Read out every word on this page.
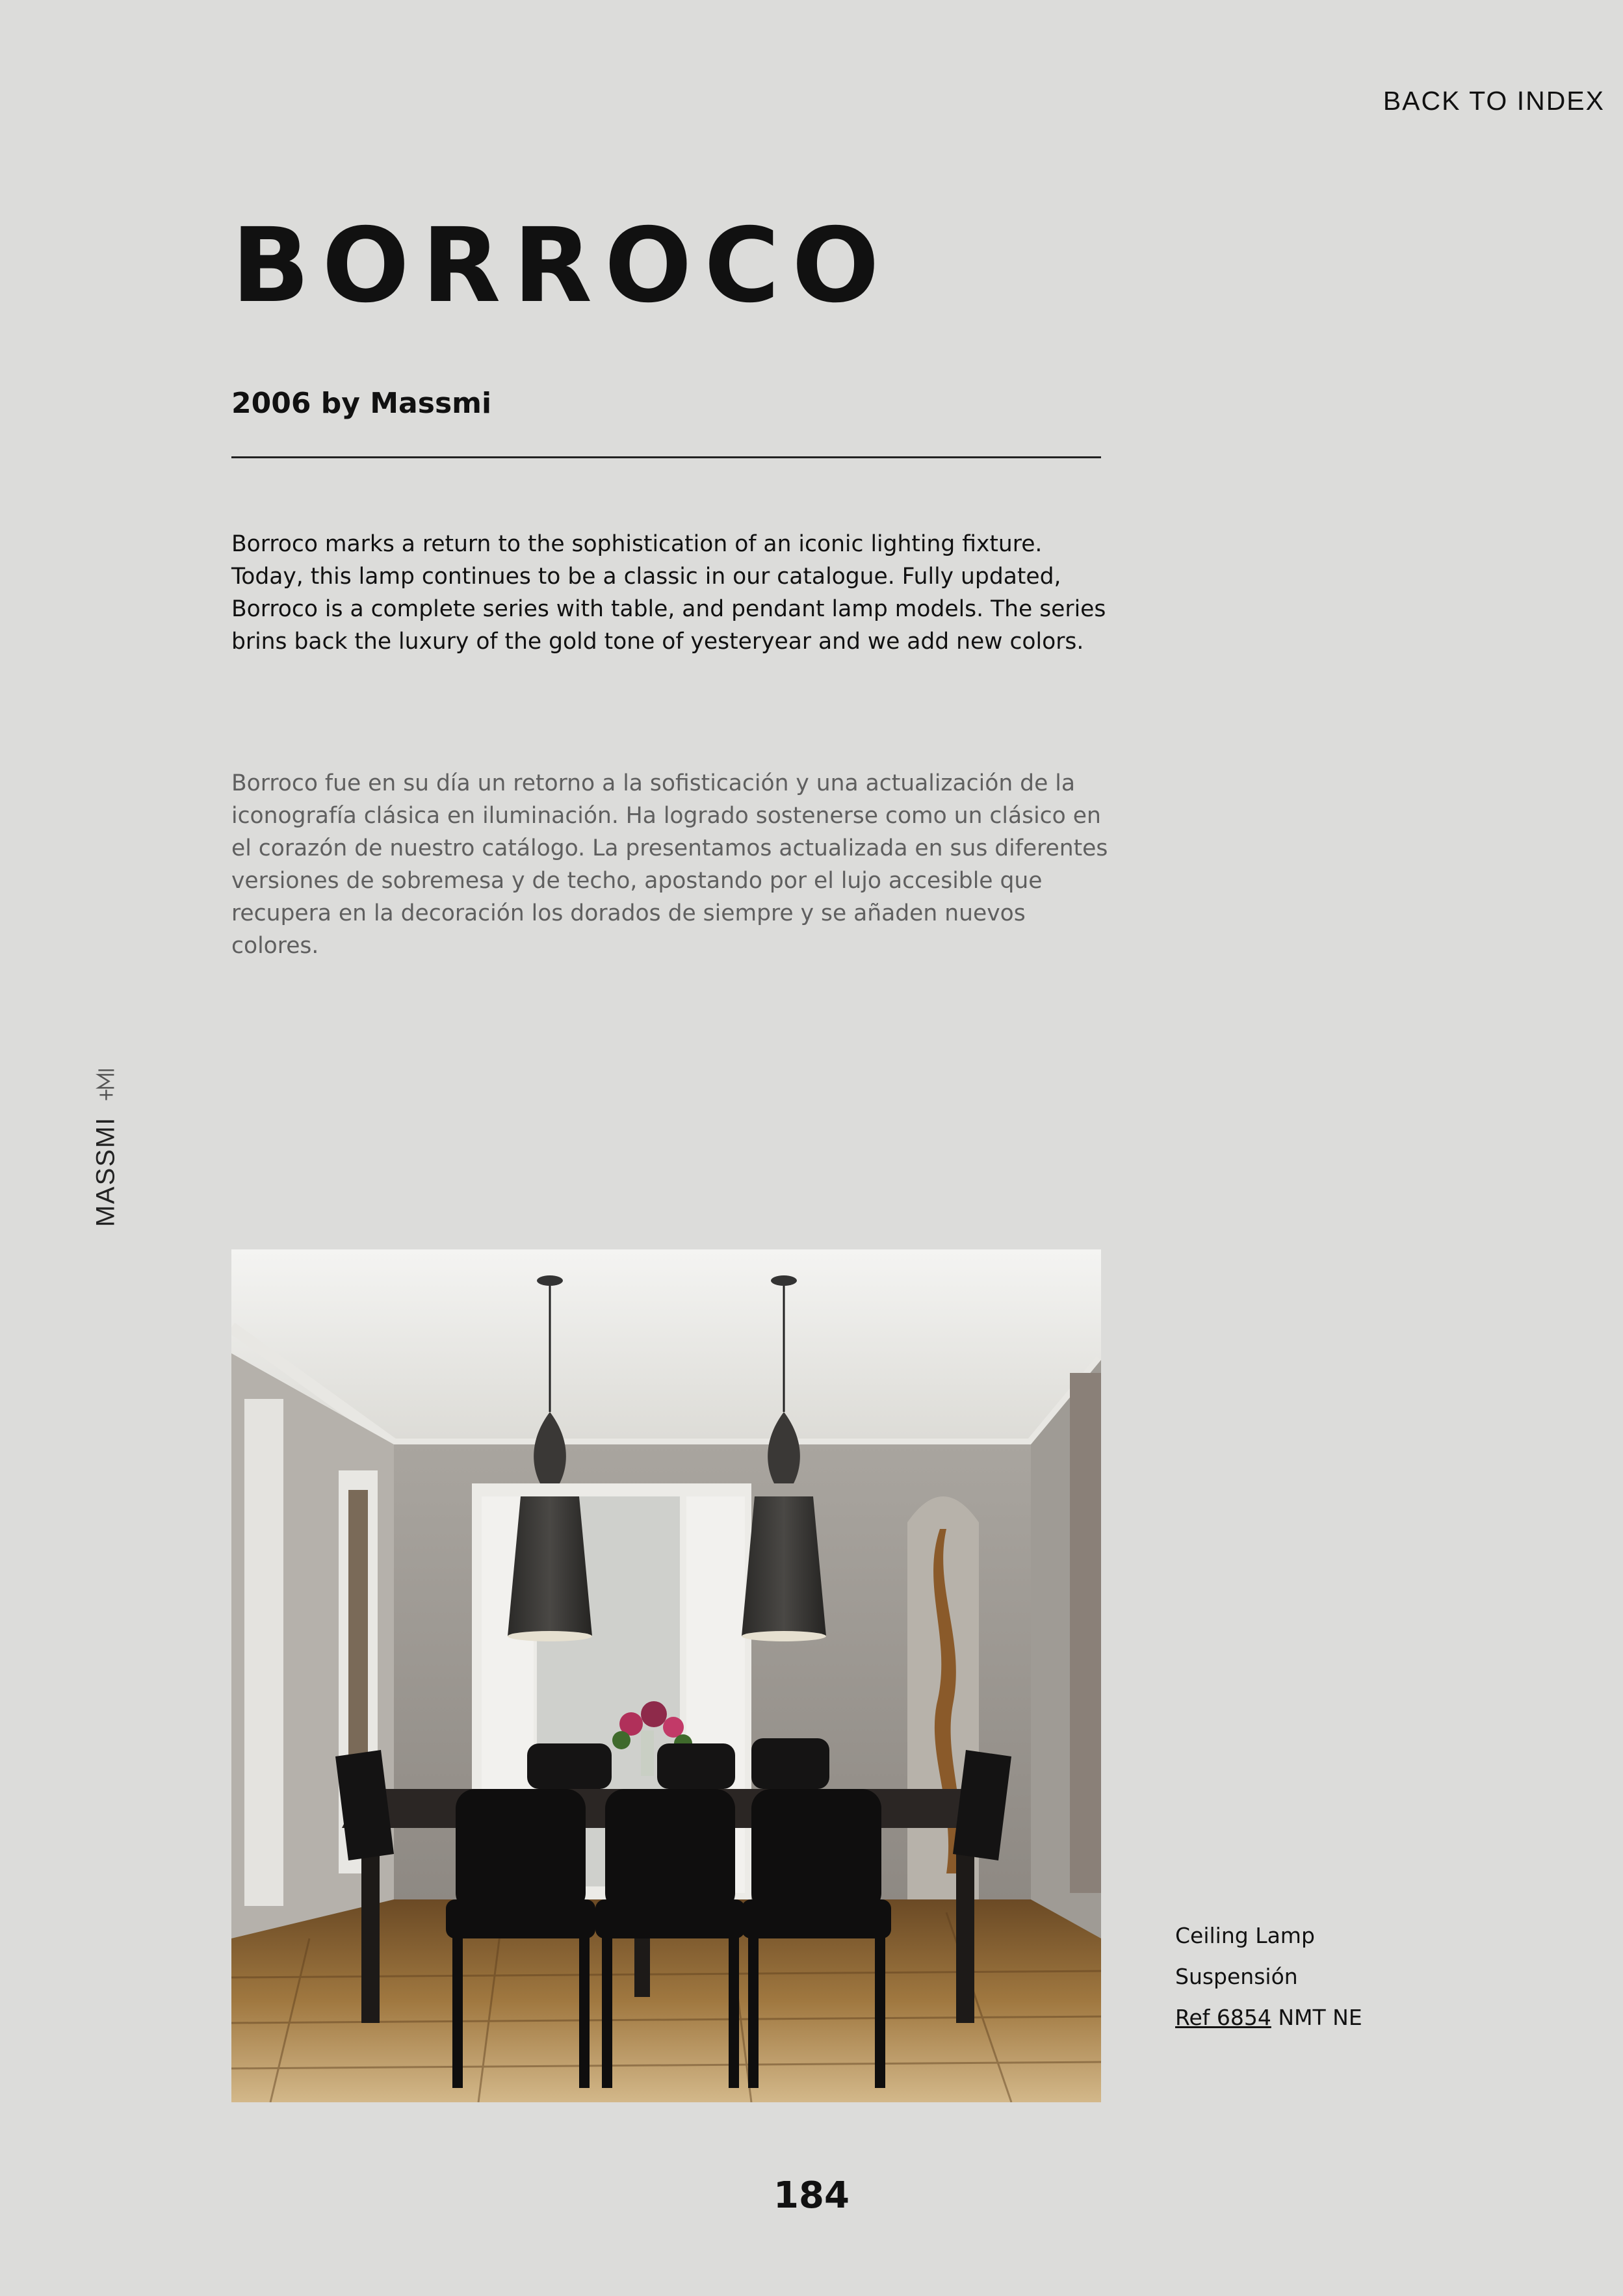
BACK TO INDEX
BORROCO
2006 by Massmi

Borroco marks a return to the sophistication of an iconic lighting fixture. Today, this lamp continues to be a classic in our catalogue. Fully updated, Borroco is a complete series with table, and pendant lamp models. The series brins back the luxury of the gold tone of yesteryear and we add new colors.

Borroco fue en su día un retorno a la sofisticación y una actualización de la iconografía clásica en iluminación. Ha logrado sostenerse como un clásico en el corazón de nuestro catálogo. La presentamos actualizada en sus diferentes versiones de sobremesa y de techo, apostando por el lujo accesible que recupera en la decoración los dorados de siempre y se añaden nuevos colores.

MASSMI
Ceiling Lamp
Suspensión
Ref 6854 NMT NE
184
